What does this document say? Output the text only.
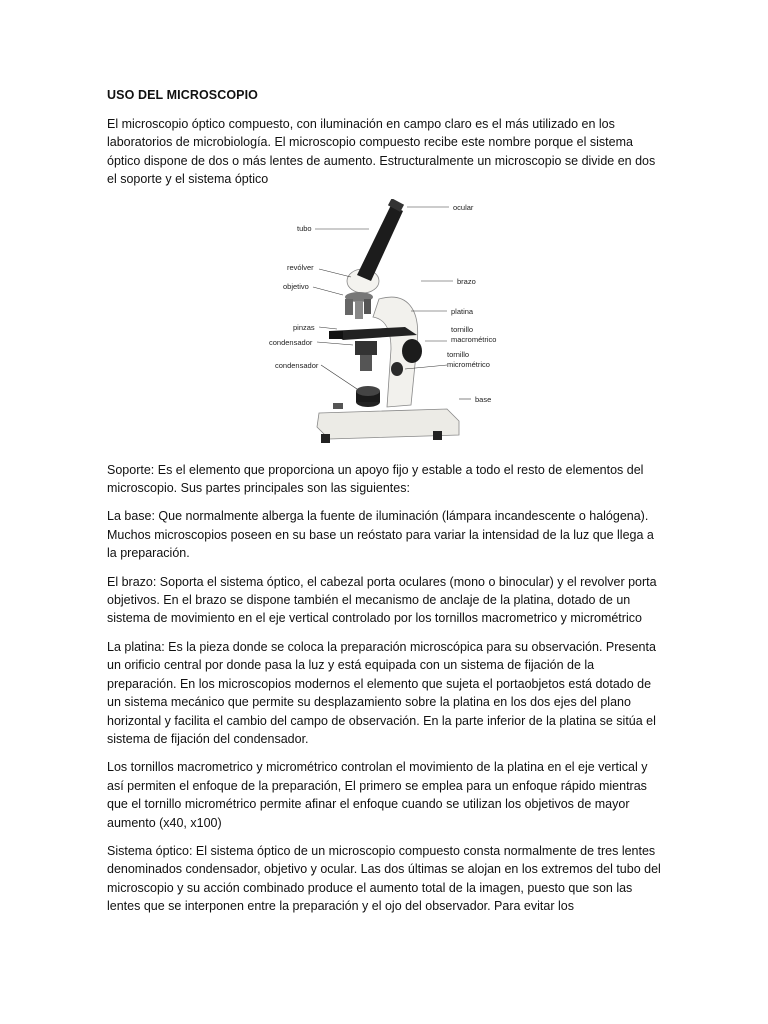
USO DEL MICROSCOPIO

El microscopio óptico compuesto, con iluminación en campo claro es el más utilizado en los laboratorios de microbiología. El microscopio compuesto recibe este nombre porque el sistema óptico dispone de dos o más lentes de aumento. Estructuralmente un microscopio se divide en dos el soporte y el sistema óptico

ocular
tubo
revólver
objetivo
brazo
platina
pinzas
condensador
tornillo
macrométrico
tornillo
micrométrico
condensador
base

Soporte: Es el elemento que proporciona un apoyo fijo y estable a todo el resto de elementos del microscopio. Sus partes principales son las siguientes:

La base: Que normalmente alberga la fuente de iluminación (lámpara incandescente o halógena). Muchos microscopios poseen en su base un reóstato para variar la intensidad de la luz que llega a la preparación.

El brazo: Soporta el sistema óptico, el cabezal porta oculares (mono o binocular) y el revolver porta objetivos. En el brazo se dispone también el mecanismo de anclaje de la platina, dotado de un sistema de movimiento en el eje vertical controlado por los tornillos macrometrico y micrométrico

La platina: Es la pieza donde se coloca la preparación microscópica para su observación. Presenta un orificio central por donde pasa la luz y está equipada con un sistema de fijación de la preparación. En los microscopios modernos el elemento que sujeta el portaobjetos está dotado de un sistema mecánico que permite su desplazamiento sobre la platina en los dos ejes del plano horizontal y facilita el cambio del campo de observación. En la parte inferior de la platina se sitúa el sistema de fijación del condensador.

Los tornillos macrometrico y micrométrico controlan el movimiento de la platina en el eje vertical y así permiten el enfoque de la preparación, El primero se emplea para un enfoque rápido mientras que el tornillo micrométrico permite afinar el enfoque cuando se utilizan los objetivos de mayor aumento (x40, x100)

Sistema óptico: El sistema óptico de un microscopio compuesto consta normalmente de tres lentes denominados condensador, objetivo y ocular. Las dos últimas se alojan en los extremos del tubo del microscopio y su acción combinado produce el aumento total de la imagen, puesto que son las lentes que se interponen entre la preparación y el ojo del observador. Para evitar los
